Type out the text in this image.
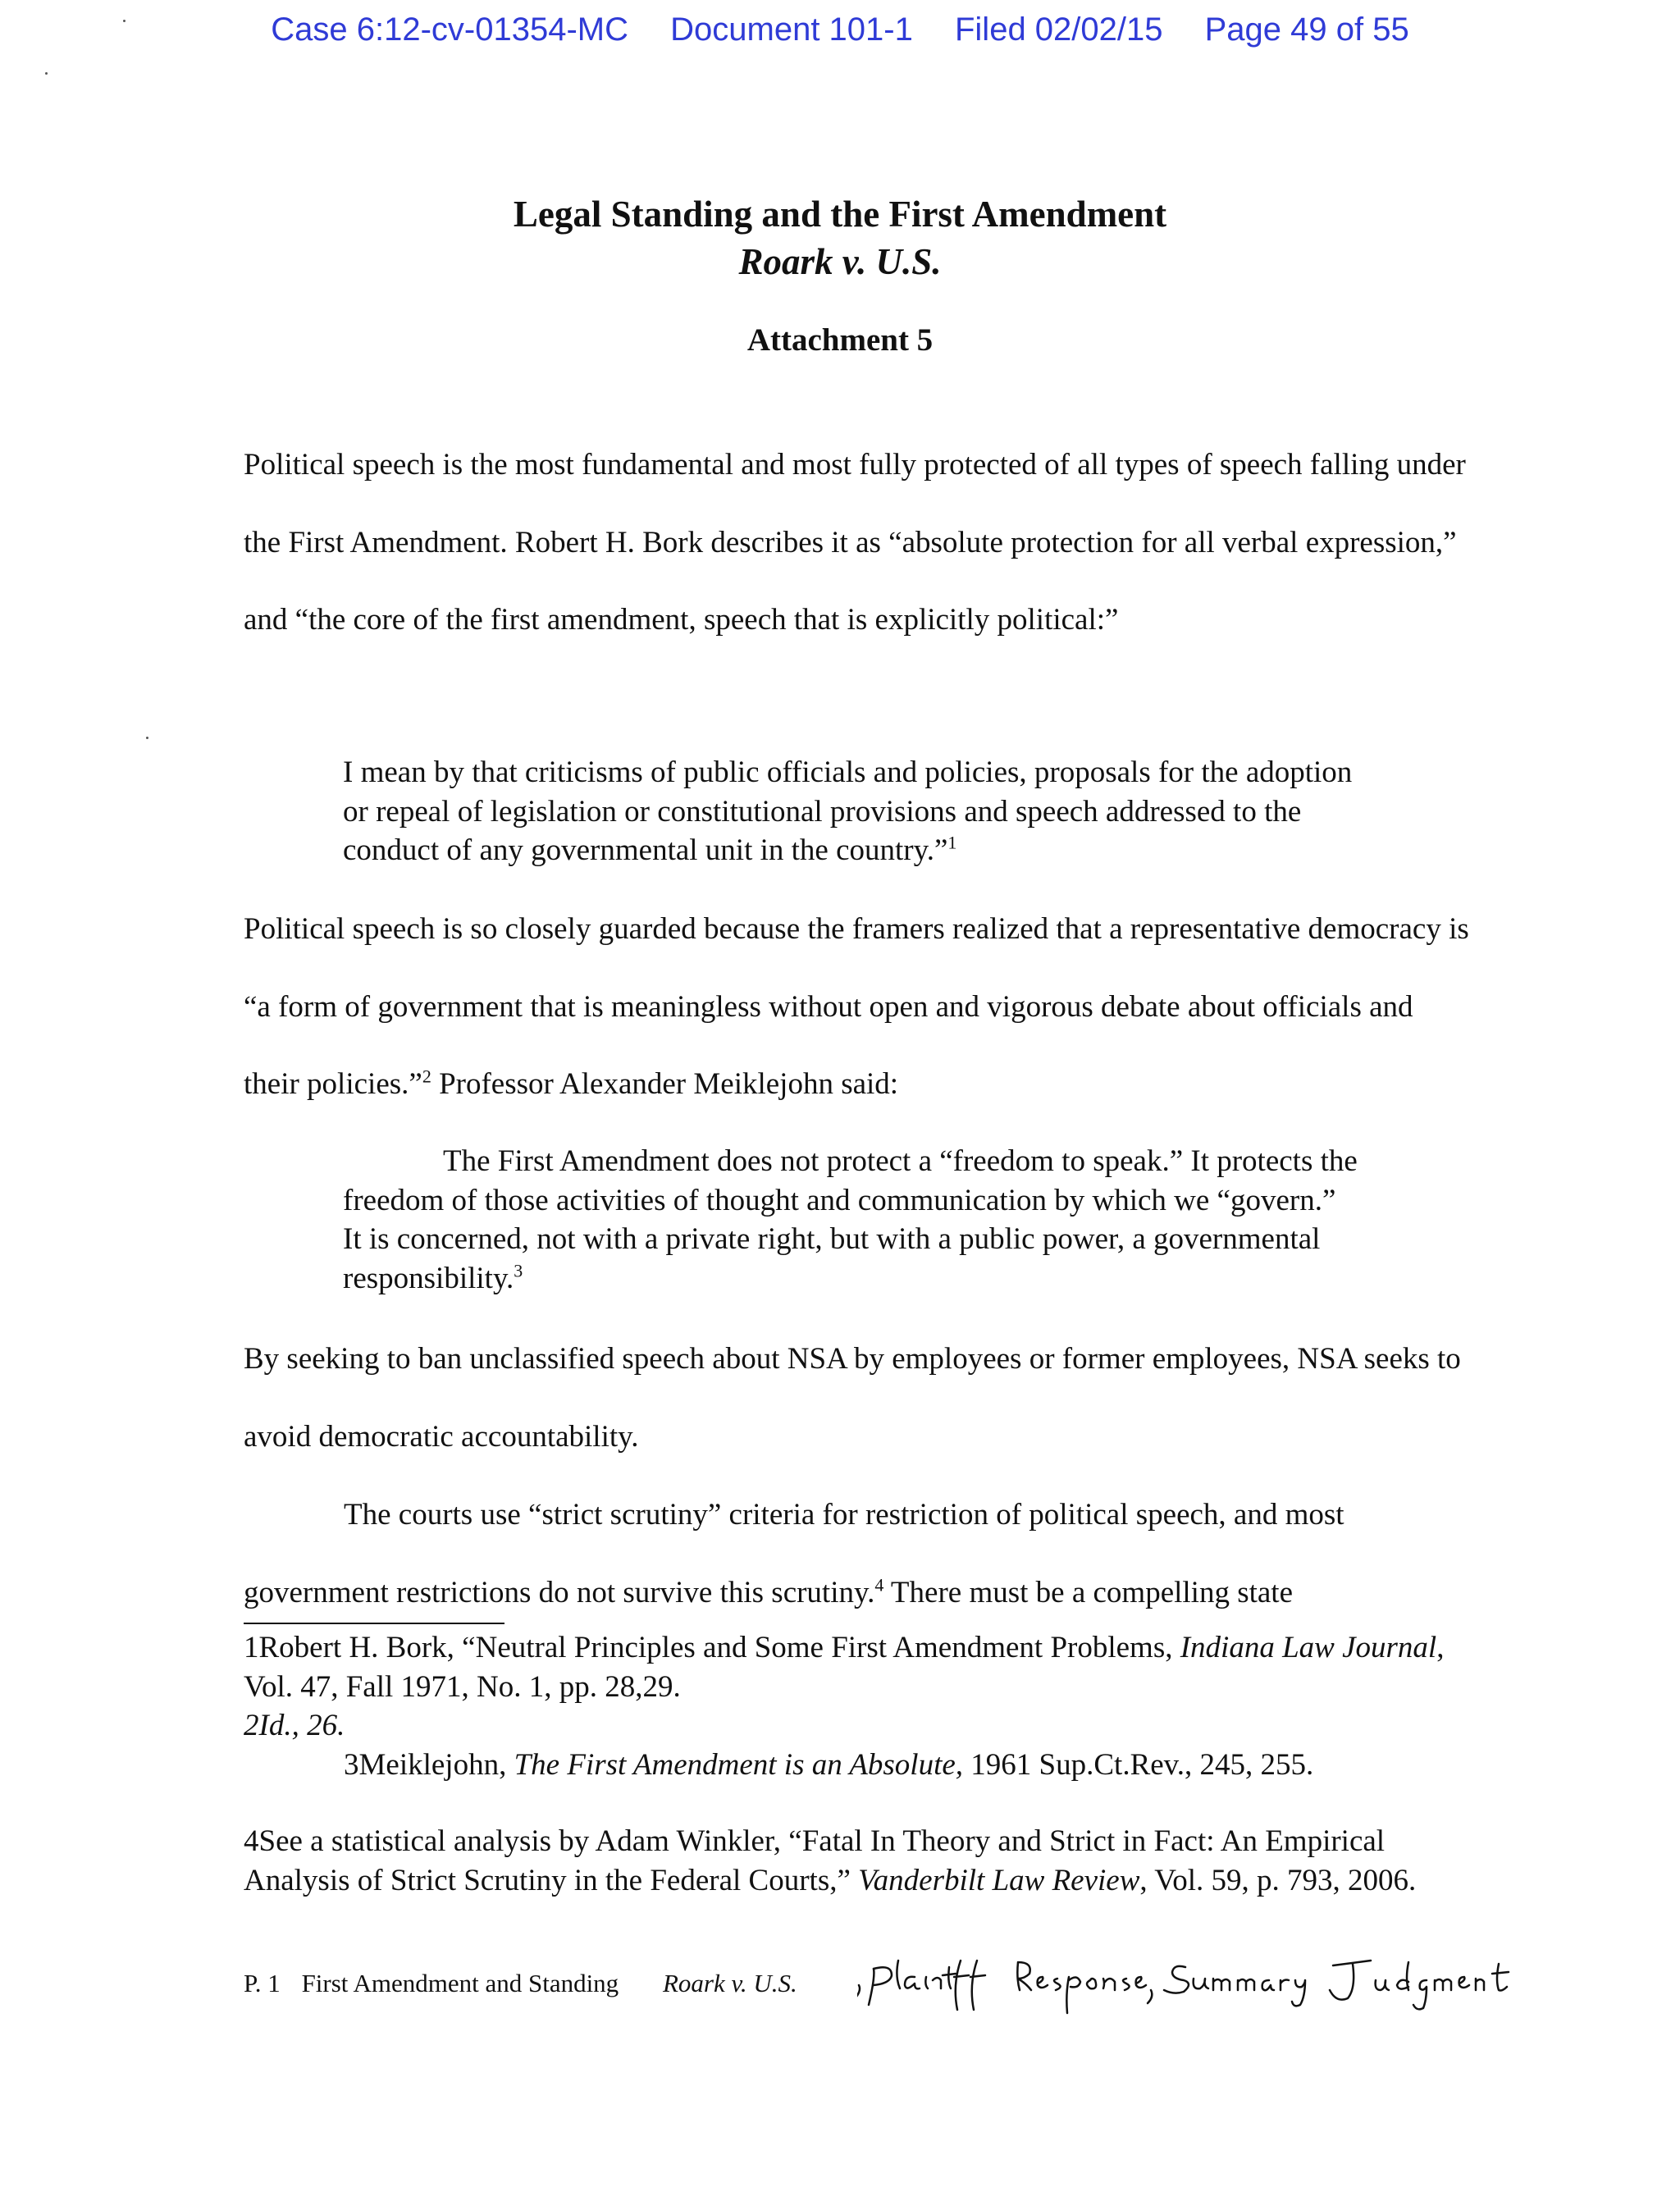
Case 6:12-cv-01354-MC Document 101-1 Filed 02/02/15 Page 49 of 55
Legal Standing and the First Amendment
Roark v. U.S.
Attachment 5

Political speech is the most fundamental and most fully protected of all types of speech falling under the First Amendment. Robert H. Bork describes it as “absolute protection for all verbal expression,” and “the core of the first amendment, speech that is explicitly political:”

I mean by that criticisms of public officials and policies, proposals for the adoption or repeal of legislation or constitutional provisions and speech addressed to the conduct of any governmental unit in the country.”$^1$

Political speech is so closely guarded because the framers realized that a representative democracy is “a form of government that is meaningless without open and vigorous debate about officials and their policies.”$^2$ Professor Alexander Meiklejohn said:

The First Amendment does not protect a “freedom to speak.” It protects the freedom of those activities of thought and communication by which we “govern.” It is concerned, not with a private right, but with a public power, a governmental responsibility.$^3$

By seeking to ban unclassified speech about NSA by employees or former employees, NSA seeks to avoid democratic accountability.

The courts use “strict scrutiny” criteria for restriction of political speech, and most government restrictions do not survive this scrutiny.$^4$ There must be a compelling state

1Robert H. Bork, “Neutral Principles and Some First Amendment Problems, Indiana Law Journal, Vol. 47, Fall 1971, No. 1, pp. 28,29.

2Id., 26.

3Meiklejohn, The First Amendment is an Absolute, 1961 Sup.Ct.Rev., 245, 255.

4See a statistical analysis by Adam Winkler, “Fatal In Theory and Strict in Fact: An Empirical Analysis of Strict Scrutiny in the Federal Courts,” Vanderbilt Law Review, Vol. 59, p. 793, 2006.

P. 1 First Amendment and Standing Roark v. U.S.
